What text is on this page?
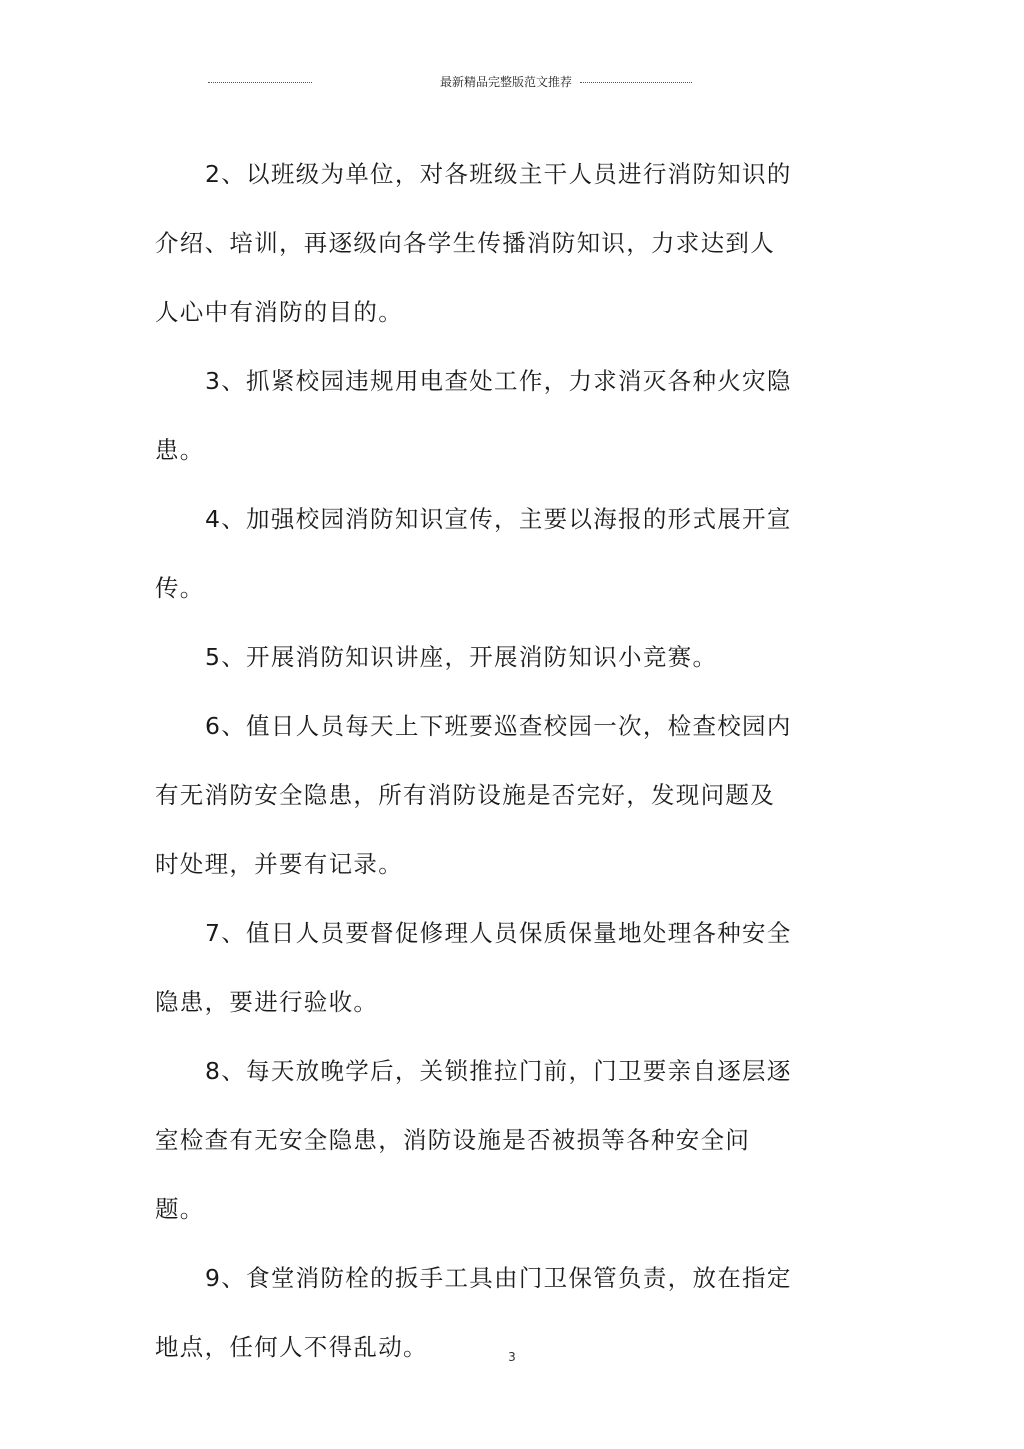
最新精品完整版范文推荐

2、以班级为单位，对各班级主干人员进行消防知识的介绍、培训，再逐级向各学生传播消防知识，力求达到人人心中有消防的目的。

3、抓紧校园违规用电查处工作，力求消灭各种火灾隐患。

4、加强校园消防知识宣传，主要以海报的形式展开宣传。

5、开展消防知识讲座，开展消防知识小竞赛。

6、值日人员每天上下班要巡查校园一次，检查校园内有无消防安全隐患，所有消防设施是否完好，发现问题及时处理，并要有记录。

7、值日人员要督促修理人员保质保量地处理各种安全隐患，要进行验收。

8、每天放晚学后，关锁推拉门前，门卫要亲自逐层逐室检查有无安全隐患，消防设施是否被损等各种安全问题。

9、食堂消防栓的扳手工具由门卫保管负责，放在指定地点，任何人不得乱动。	3
